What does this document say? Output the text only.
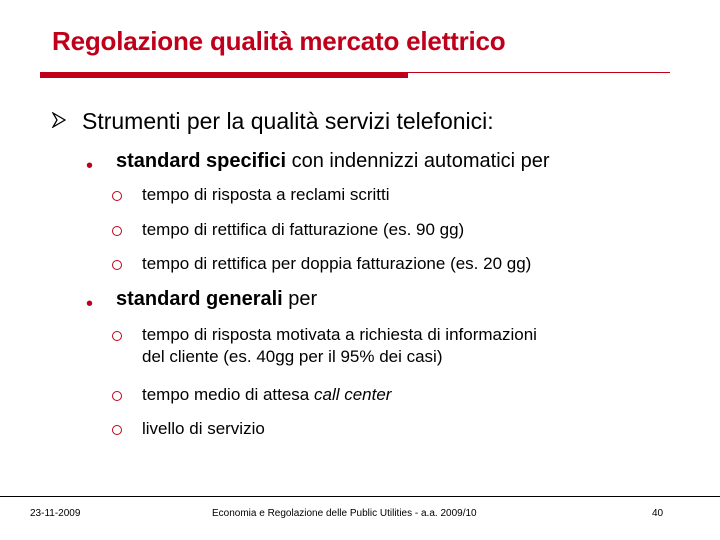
Regolazione qualità mercato elettrico
Strumenti per la qualità servizi telefonici:
• standard specifici con indennizzi automatici per
tempo di risposta a reclami scritti
tempo di rettifica di fatturazione (es. 90 gg)
tempo di rettifica per doppia fatturazione (es. 20 gg)
• standard generali per
tempo di risposta motivata a richiesta di informazioni
del cliente (es. 40gg per il 95% dei casi)
tempo medio di attesa call center
livello di servizio
23-11-2009	Economia e Regolazione delle Public Utilities - a.a. 2009/10	40
